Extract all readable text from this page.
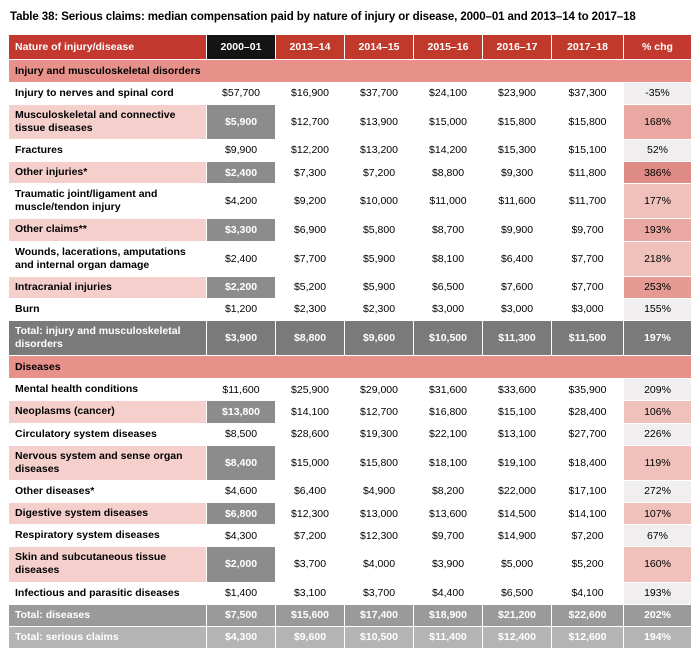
Table 38: Serious claims: median compensation paid by nature of injury or disease, 2000–01 and 2013–14 to 2017–18
Nature of injury/disease	2000–01	2013–14	2014–15	2015–16	2016–17	2017–18	% chg
Injury and musculoskeletal disorders							
Injury to nerves and spinal cord	$57,700	$16,900	$37,700	$24,100	$23,900	$37,300	-35%
Musculoskeletal and connective tissue diseases	$5,900	$12,700	$13,900	$15,000	$15,800	$15,800	168%
Fractures	$9,900	$12,200	$13,200	$14,200	$15,300	$15,100	52%
Other injuries*	$2,400	$7,300	$7,200	$8,800	$9,300	$11,800	386%
Traumatic joint/ligament and muscle/tendon injury	$4,200	$9,200	$10,000	$11,000	$11,600	$11,700	177%
Other claims**	$3,300	$6,900	$5,800	$8,700	$9,900	$9,700	193%
Wounds, lacerations, amputations and internal organ damage	$2,400	$7,700	$5,900	$8,100	$6,400	$7,700	218%
Intracranial injuries	$2,200	$5,200	$5,900	$6,500	$7,600	$7,700	253%
Burn	$1,200	$2,300	$2,300	$3,000	$3,000	$3,000	155%
Total: injury and musculoskeletal disorders	$3,900	$8,800	$9,600	$10,500	$11,300	$11,500	197%
Diseases							
Mental health conditions	$11,600	$25,900	$29,000	$31,600	$33,600	$35,900	209%
Neoplasms (cancer)	$13,800	$14,100	$12,700	$16,800	$15,100	$28,400	106%
Circulatory system diseases	$8,500	$28,600	$19,300	$22,100	$13,100	$27,700	226%
Nervous system and sense organ diseases	$8,400	$15,000	$15,800	$18,100	$19,100	$18,400	119%
Other diseases*	$4,600	$6,400	$4,900	$8,200	$22,000	$17,100	272%
Digestive system diseases	$6,800	$12,300	$13,000	$13,600	$14,500	$14,100	107%
Respiratory system diseases	$4,300	$7,200	$12,300	$9,700	$14,900	$7,200	67%
Skin and subcutaneous tissue diseases	$2,000	$3,700	$4,000	$3,900	$5,000	$5,200	160%
Infectious and parasitic diseases	$1,400	$3,100	$3,700	$4,400	$6,500	$4,100	193%
Total: diseases	$7,500	$15,600	$17,400	$18,900	$21,200	$22,600	202%
Total: serious claims	$4,300	$9,600	$10,500	$11,400	$12,400	$12,600	194%
